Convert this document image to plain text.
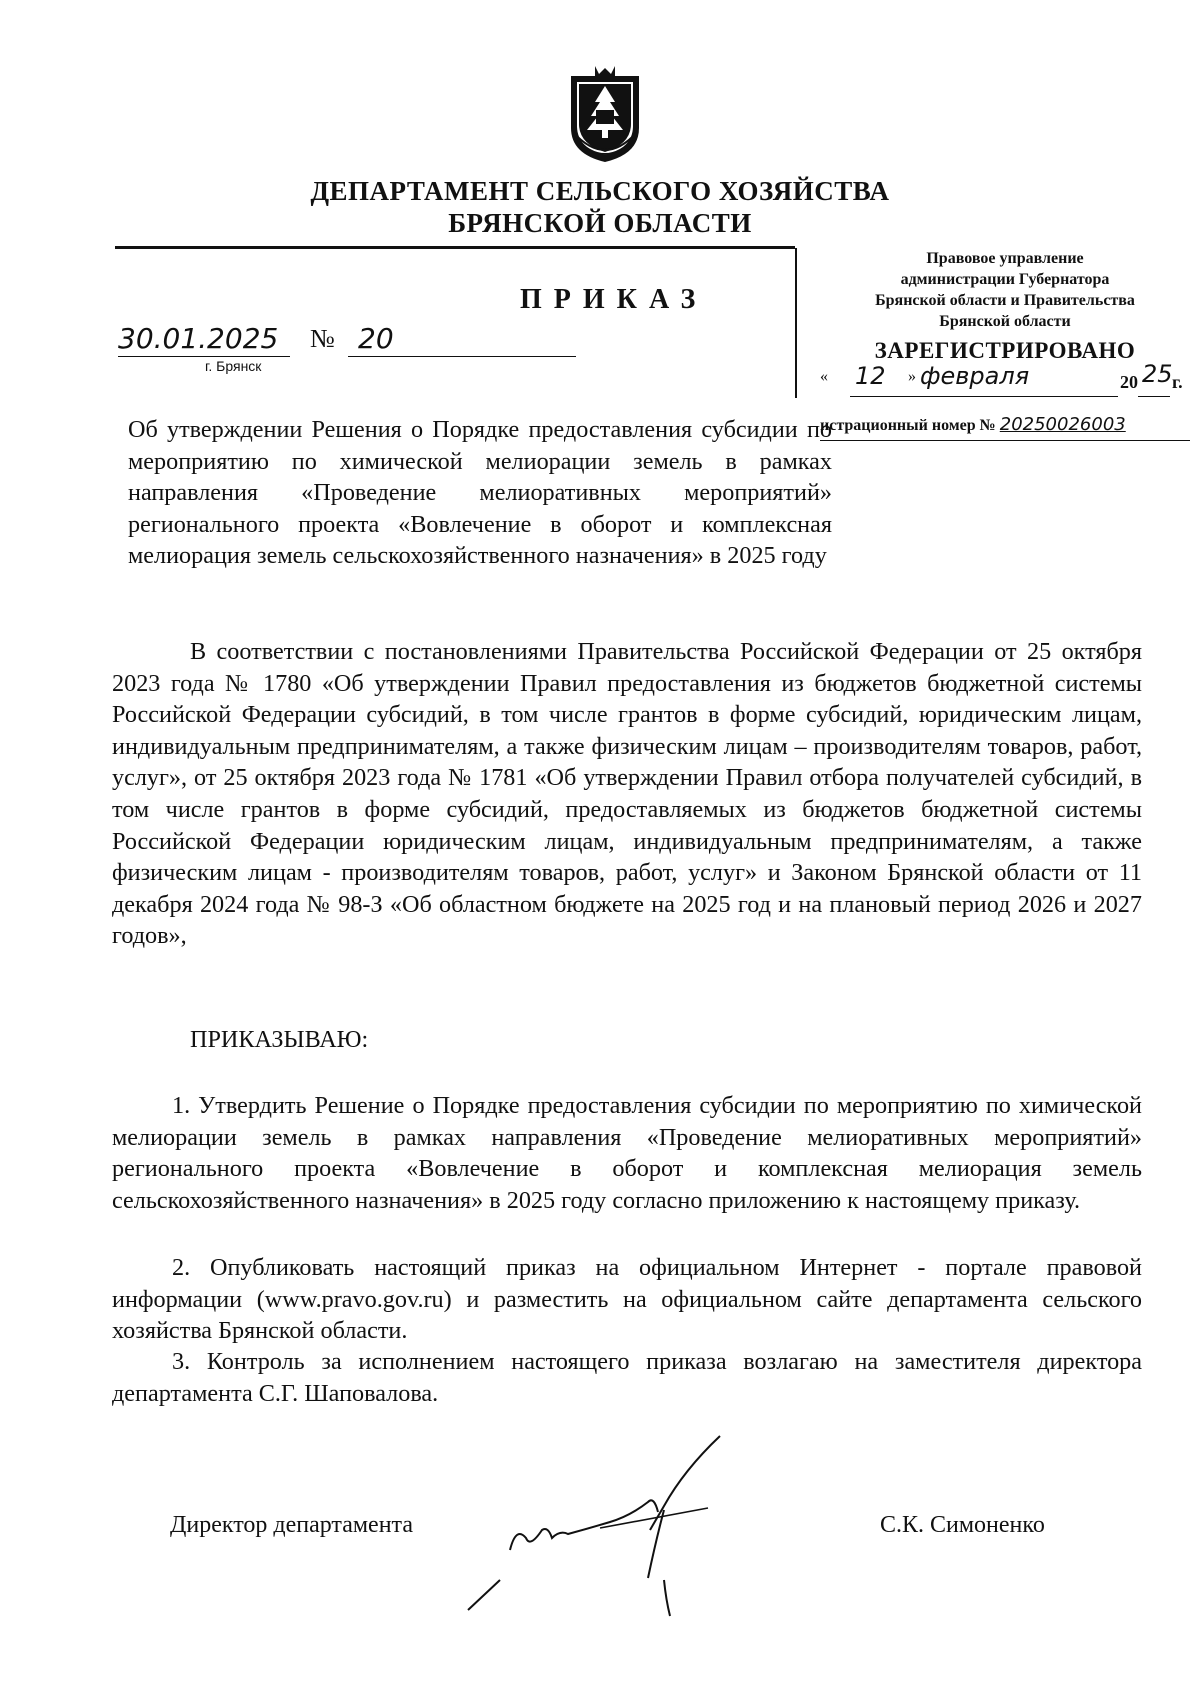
ДЕПАРТАМЕНТ СЕЛЬСКОГО ХОЗЯЙСТВА
БРЯНСКОЙ ОБЛАСТИ
ПРИКАЗ
30.01.2025 № 20
г. Брянск
Правовое управление
администрации Губернатора
Брянской области и Правительства
Брянской области
ЗАРЕГИСТРИРОВАНО
« 12 » февраля	20 25 г.
истрационный номер № 20250026003
Об утверждении Решения о Порядке предоставления субсидии по мероприятию по химической мелиорации земель в рамках направления «Проведение мелиоративных мероприятий» регионального проекта «Вовлечение в оборот и комплексная мелиорация земель сельскохозяйственного назначения» в 2025 году
В соответствии с постановлениями Правительства Российской Федерации от 25 октября 2023 года № 1780 «Об утверждении Правил предоставления из бюджетов бюджетной системы Российской Федерации субсидий, в том числе грантов в форме субсидий, юридическим лицам, индивидуальным предпринимателям, а также физическим лицам – производителям товаров, работ, услуг», от 25 октября 2023 года № 1781 «Об утверждении Правил отбора получателей субсидий, в том числе грантов в форме субсидий, предоставляемых из бюджетов бюджетной системы Российской Федерации юридическим лицам, индивидуальным предпринимателям, а также физическим лицам - производителям товаров, работ, услуг» и Законом Брянской области от 11 декабря 2024 года № 98-З «Об областном бюджете на 2025 год и на плановый период 2026 и 2027 годов»,
ПРИКАЗЫВАЮ:
1. Утвердить Решение о Порядке предоставления субсидии по мероприятию по химической мелиорации земель в рамках направления «Проведение мелиоративных мероприятий» регионального проекта «Вовлечение в оборот и комплексная мелиорация земель сельскохозяйственного назначения» в 2025 году согласно приложению к настоящему приказу.
2. Опубликовать настоящий приказ на официальном Интернет - портале правовой информации (www.pravo.gov.ru) и разместить на официальном сайте департамента сельского хозяйства Брянской области.
3. Контроль за исполнением настоящего приказа возлагаю на заместителя директора департамента С.Г. Шаповалова.
Директор департамента	С.К. Симоненко
